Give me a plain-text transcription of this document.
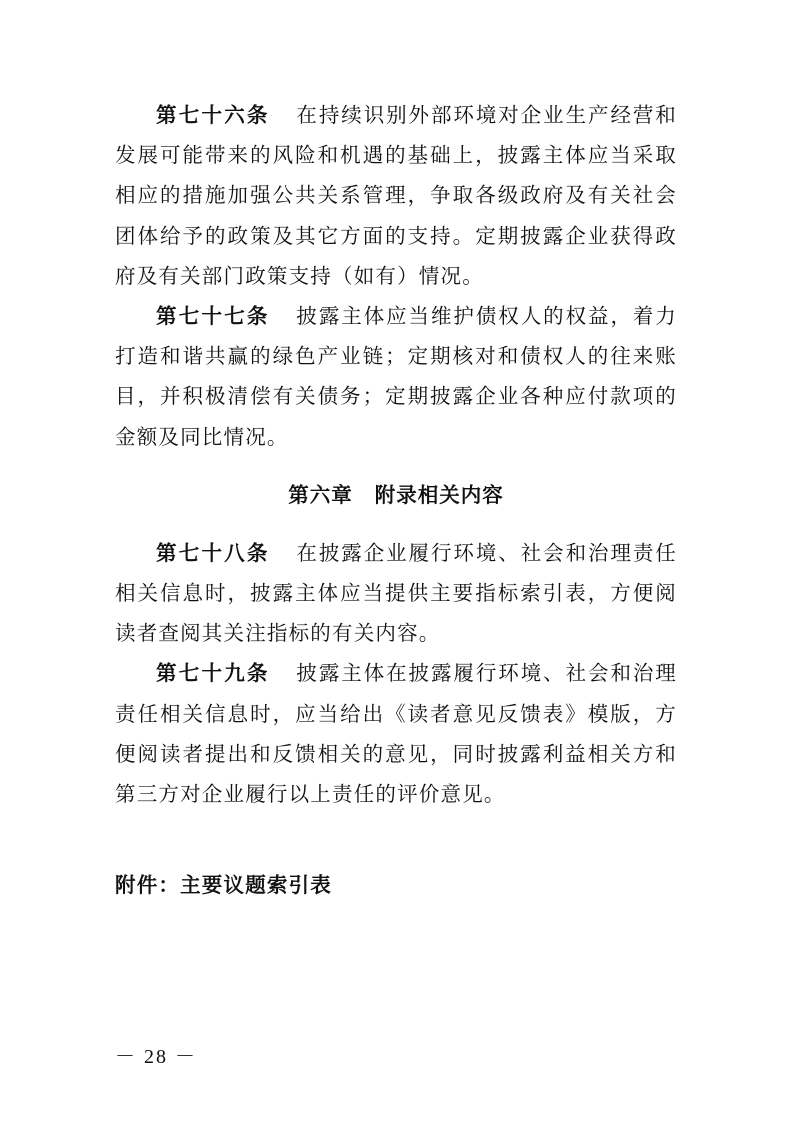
第七十六条 在持续识别外部环境对企业生产经营和发展可能带来的风险和机遇的基础上，披露主体应当采取相应的措施加强公共关系管理，争取各级政府及有关社会团体给予的政策及其它方面的支持。定期披露企业获得政府及有关部门政策支持（如有）情况。

第七十七条 披露主体应当维护债权人的权益，着力打造和谐共赢的绿色产业链；定期核对和债权人的往来账目，并积极清偿有关债务；定期披露企业各种应付款项的金额及同比情况。

第六章 附录相关内容

第七十八条 在披露企业履行环境、社会和治理责任相关信息时，披露主体应当提供主要指标索引表，方便阅读者查阅其关注指标的有关内容。

第七十九条 披露主体在披露履行环境、社会和治理责任相关信息时，应当给出《读者意见反馈表》模版，方便阅读者提出和反馈相关的意见，同时披露利益相关方和第三方对企业履行以上责任的评价意见。

附件：主要议题索引表
－ 28 －
